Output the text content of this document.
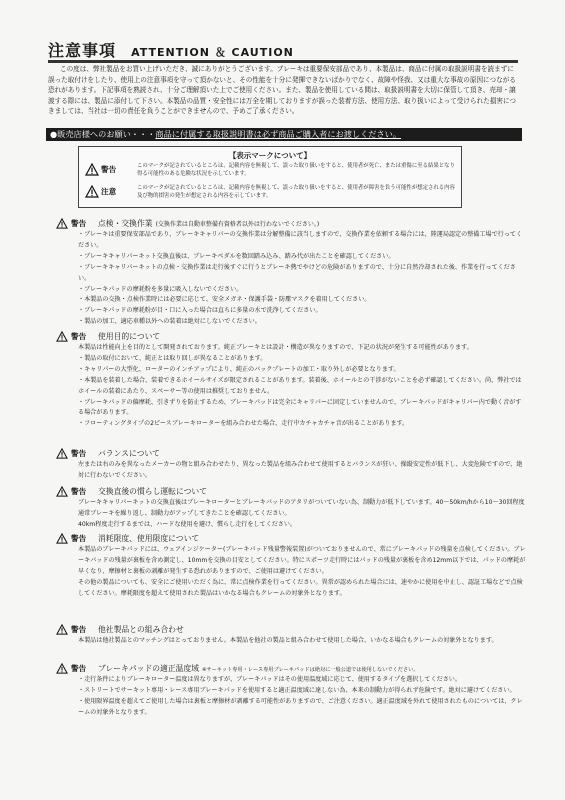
注意事項 ATTENTION ＆ CAUTION
この度は、弊社製品をお買い上げいただき、誠にありがとうございます。ブレーキは重要保安部品であり、本製品は、商品に付属の取扱説明書を読まずに誤った取付けをしたり、使用上の注意事項を守って頂かないと、その性能を十分に発揮できないばかりでなく、故障や怪我、又は重大な事故の原因につながる恐れがあります。下記事項を熟読され、十分ご理解頂いた上でご使用ください。また、製品を使用している間は、取扱説明書を大切に保管して頂き、売却・譲渡する際には、製品に添付して下さい。本製品の品質・安全性には万全を期しておりますが誤った装着方法、使用方法、取り扱いによって受けられた損害につきましては、当社は一切の責任を負うことができませんので、予めご了承ください。
●販売店様へのお願い・・・商品に付属する取扱説明書は必ず商品ご購入者にお渡しください。
【表示マークについて】
警告	このマークが記されているところは、記載内容を無視して、誤った取り扱いをすると、使用者が死亡、または重傷に至る結果となり得る可能性のある危険な状況を示しています。
注意	このマークが記されているところは、記載内容を無視して、誤った取り扱いをすると、使用者が障害を負う可能性が想定される内容及び物的損害の発生が想定される内容を示しています。
警告 点検・交換作業 (交換作業は自動車整備有資格者以外は行わないでください。)
・ブレーキは重要保安部品であり、ブレーキキャリパーの交換作業は分解整備に該当しますので、交換作業を依頼する場合には、陸運局認定の整備工場で行ってください。
・ブレーキキャリパーキット交換直後は、ブレーキペダルを数回踏み込み、踏み代が出たことを確認してください。
・ブレーキキャリパーキットの点検・交換作業は走行後すぐに行うとブレーキ熱でやけどの危険がありますので、十分に自然冷却された後、作業を行ってください。
・ブレーキパッドの摩耗粉を多量に吸入しないでください。
・本製品の交換・点検作業時には必要に応じて、安全メガネ・保護手袋・防塵マスクを着用してください。
・ブレーキパッドの摩耗粉が目・口に入った場合は直ちに多量の水で洗浄してください。
・製品の加工、適応車種以外への装着は絶対にしないでください。
警告 使用目的について
本製品は性能向上を目的として開発されております。純正ブレーキとは設計・構造が異なりますので、下記の状況が発生する可能性があります。
・製品の取付において、純正とは取り回しが異なることがあります。
・キャリパーの大型化、ローターのインチアップにより、純正のバックプレートの加工・取り外しが必要となります。
・本製品を装着した場合、装着できるホイールサイズが限定されることがあります。装着後、ホイールとの干渉がないことを必ず確認してください。尚、弊社ではホイールの装着にあたり、スペーサー等の使用は推奨しておりません。
・ブレーキパッドの偏摩耗、引きずりを防止するため、ブレーキパッドは完全にキャリパーに固定していませんので、ブレーキパッドがキャリパー内で動く音がする場合があります。
・フローティングタイプの2ピースブレーキローターを組み合わせた場合、走行中カチャカチャ音が出ることがあります。
警告 バランスについて
左または右のみを異なったメーカーの物と組み合わせたり、異なった製品を組み合わせて使用するとバランスが狂い、操縦安定性が低下し、大変危険ですので、絶対に行わないでください。
警告 交換直後の慣らし運転について
ブレーキキャリパーキットの交換直後はブレーキローターとブレーキパッドのアタリがついていない為、制動力が低下しています。40～50km/hから10～30回程度通常ブレーキを繰り返し、制動力がアップしてきたことを確認してください。
40km程度走行するまでは、ハードな使用を避け、慣らし走行をしてください。
警告 消耗限度、使用限度について
本製品のブレーキパッドには、ウェアインジケーター(ブレーキパッド残量警報装置)がついておりませんので、常にブレーキパッドの残量を点検してください。ブレーキパッドの残量が裏板を含め測定し、10mmを交換の目安としてください。特にスポーツ走行時にはパッドの残量が裏板を含め12mm以下では、パッドの摩耗が早くなり、摩擦材と裏板の剥離が発生する恐れがありますので、ご使用は避けてください。
その他の製品についても、安全にご使用いただく為に、常に点検作業を行ってください。異常が認められた場合には、速やかに使用を中止し、認証工場などで点検してください。摩耗限度を超えて使用された製品はいかなる場合もクレームの対象外となります。
警告 他社製品との組み合わせ
本製品は他社製品とのマッチングはとっておりません。本製品を他社の製品と組み合わせて使用した場合、いかなる場合もクレームの対象外となります。
警告 ブレーキパッドの適正温度域 ※サーキット専用・レース専用ブレーキパッドは絶対に一般公道では使用しないでください。
・走行条件によりブレーキローター温度は異なりますが、ブレーキパッドはその使用温度域に応じて、使用するタイプを選択してください。
・ストリートでサーキット専用・レース専用ブレーキパッドを使用すると適正温度域に達しない為、本来の制動力が得られず危険です。絶対に避けてください。
・使用限界温度を超えてご使用した場合は裏板と摩擦材が剥離する可能性がありますので、ご注意ください。適正温度域を外れて使用されたものについては、クレームの対象外となります。
